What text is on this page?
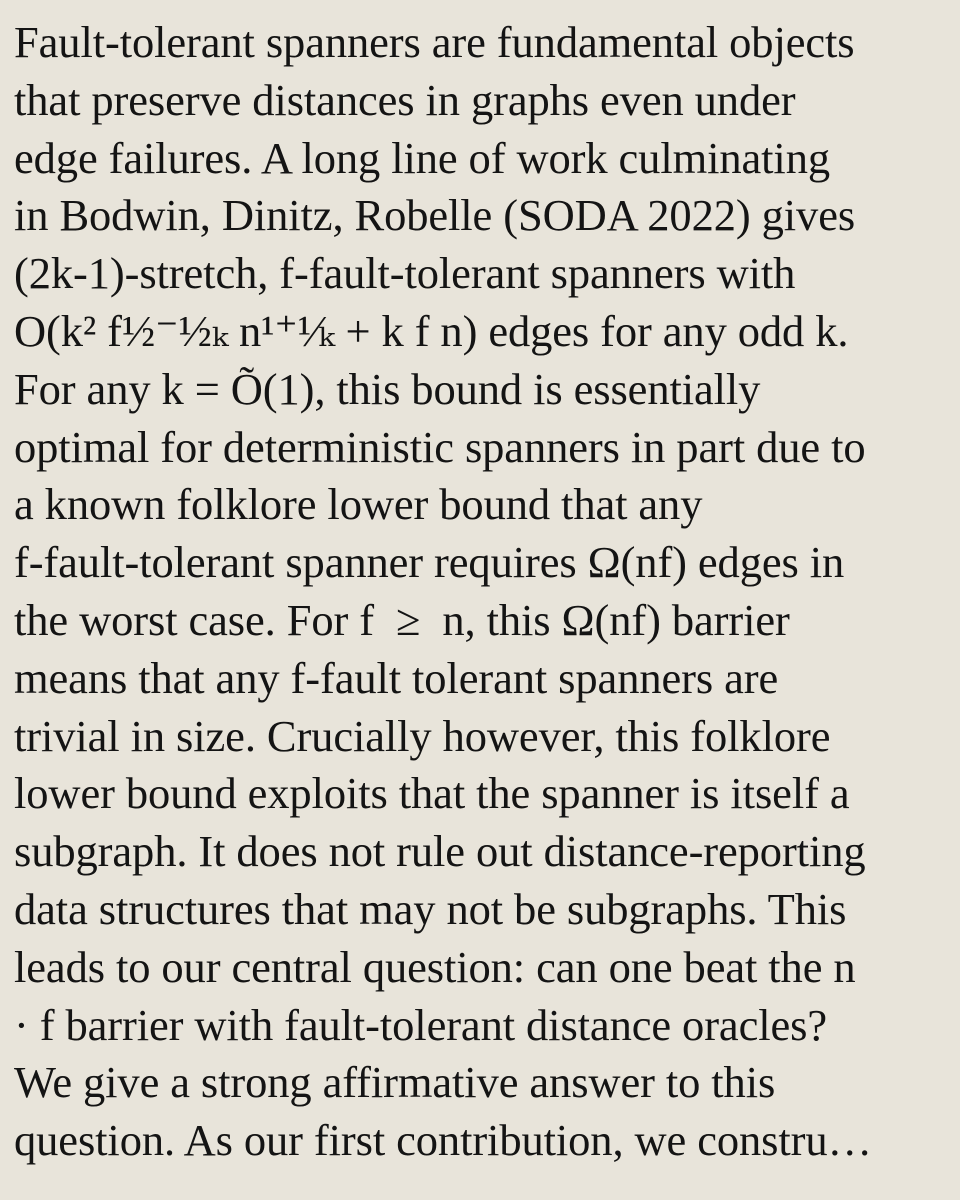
Fault-tolerant spanners are fundamental objects
that preserve distances in graphs even under
edge failures. A long line of work culminating
in Bodwin, Dinitz, Robelle (SODA 2022) gives
(2k-1)-stretch, f-fault-tolerant spanners with
O(k² f½⁻½ₖ n¹⁺¹⁄ₖ + k f n) edges for any odd k.
For any k = Õ(1), this bound is essentially
optimal for deterministic spanners in part due to
a known folklore lower bound that any
f-fault-tolerant spanner requires Ω(nf) edges in
the worst case. For f  ≥  n, this Ω(nf) barrier
means that any f-fault tolerant spanners are
trivial in size. Crucially however, this folklore
lower bound exploits that the spanner is itself a
subgraph. It does not rule out distance-reporting
data structures that may not be subgraphs. This
leads to our central question: can one beat the n
· f barrier with fault-tolerant distance oracles?
We give a strong affirmative answer to this
question. As our first contribution, we constru…
